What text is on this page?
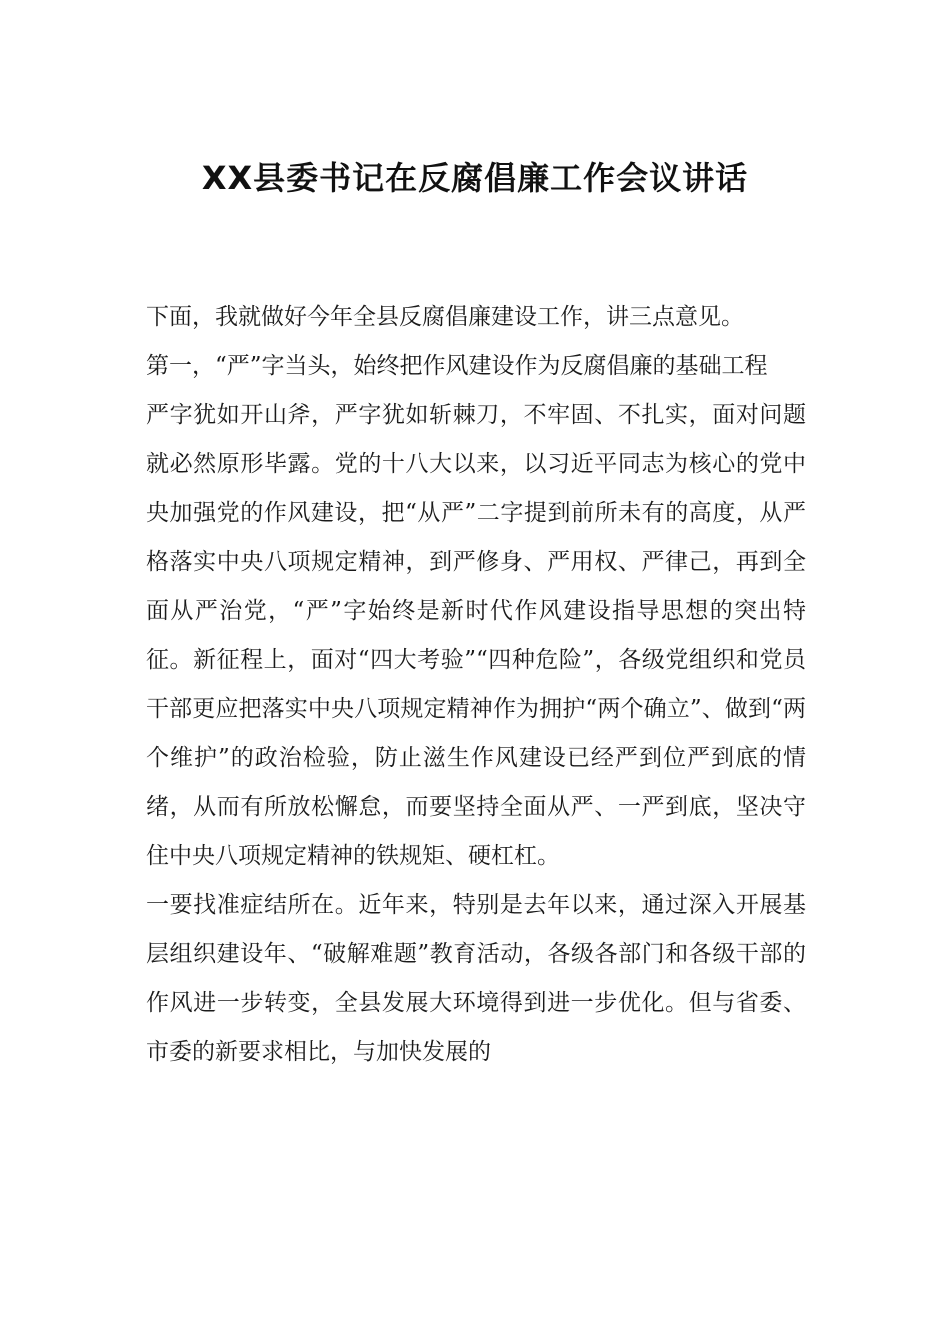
XX县委书记在反腐倡廉工作会议讲话

下面，我就做好今年全县反腐倡廉建设工作，讲三点意见。

第一，“严”字当头，始终把作风建设作为反腐倡廉的基础工程

严字犹如开山斧，严字犹如斩棘刀，不牢固、不扎实，面对问题就必然原形毕露。党的十八大以来，以习近平同志为核心的党中央加强党的作风建设，把“从严”二字提到前所未有的高度，从严格落实中央八项规定精神，到严修身、严用权、严律己，再到全面从严治党，“严”字始终是新时代作风建设指导思想的突出特征。新征程上，面对“四大考验”“四种危险”，各级党组织和党员干部更应把落实中央八项规定精神作为拥护“两个确立”、做到“两个维护”的政治检验，防止滋生作风建设已经严到位严到底的情绪，从而有所放松懈怠，而要坚持全面从严、一严到底，坚决守住中央八项规定精神的铁规矩、硬杠杠。

一要找准症结所在。近年来，特别是去年以来，通过深入开展基层组织建设年、“破解难题”教育活动，各级各部门和各级干部的作风进一步转变，全县发展大环境得到进一步优化。但与省委、市委的新要求相比，与加快发展的
